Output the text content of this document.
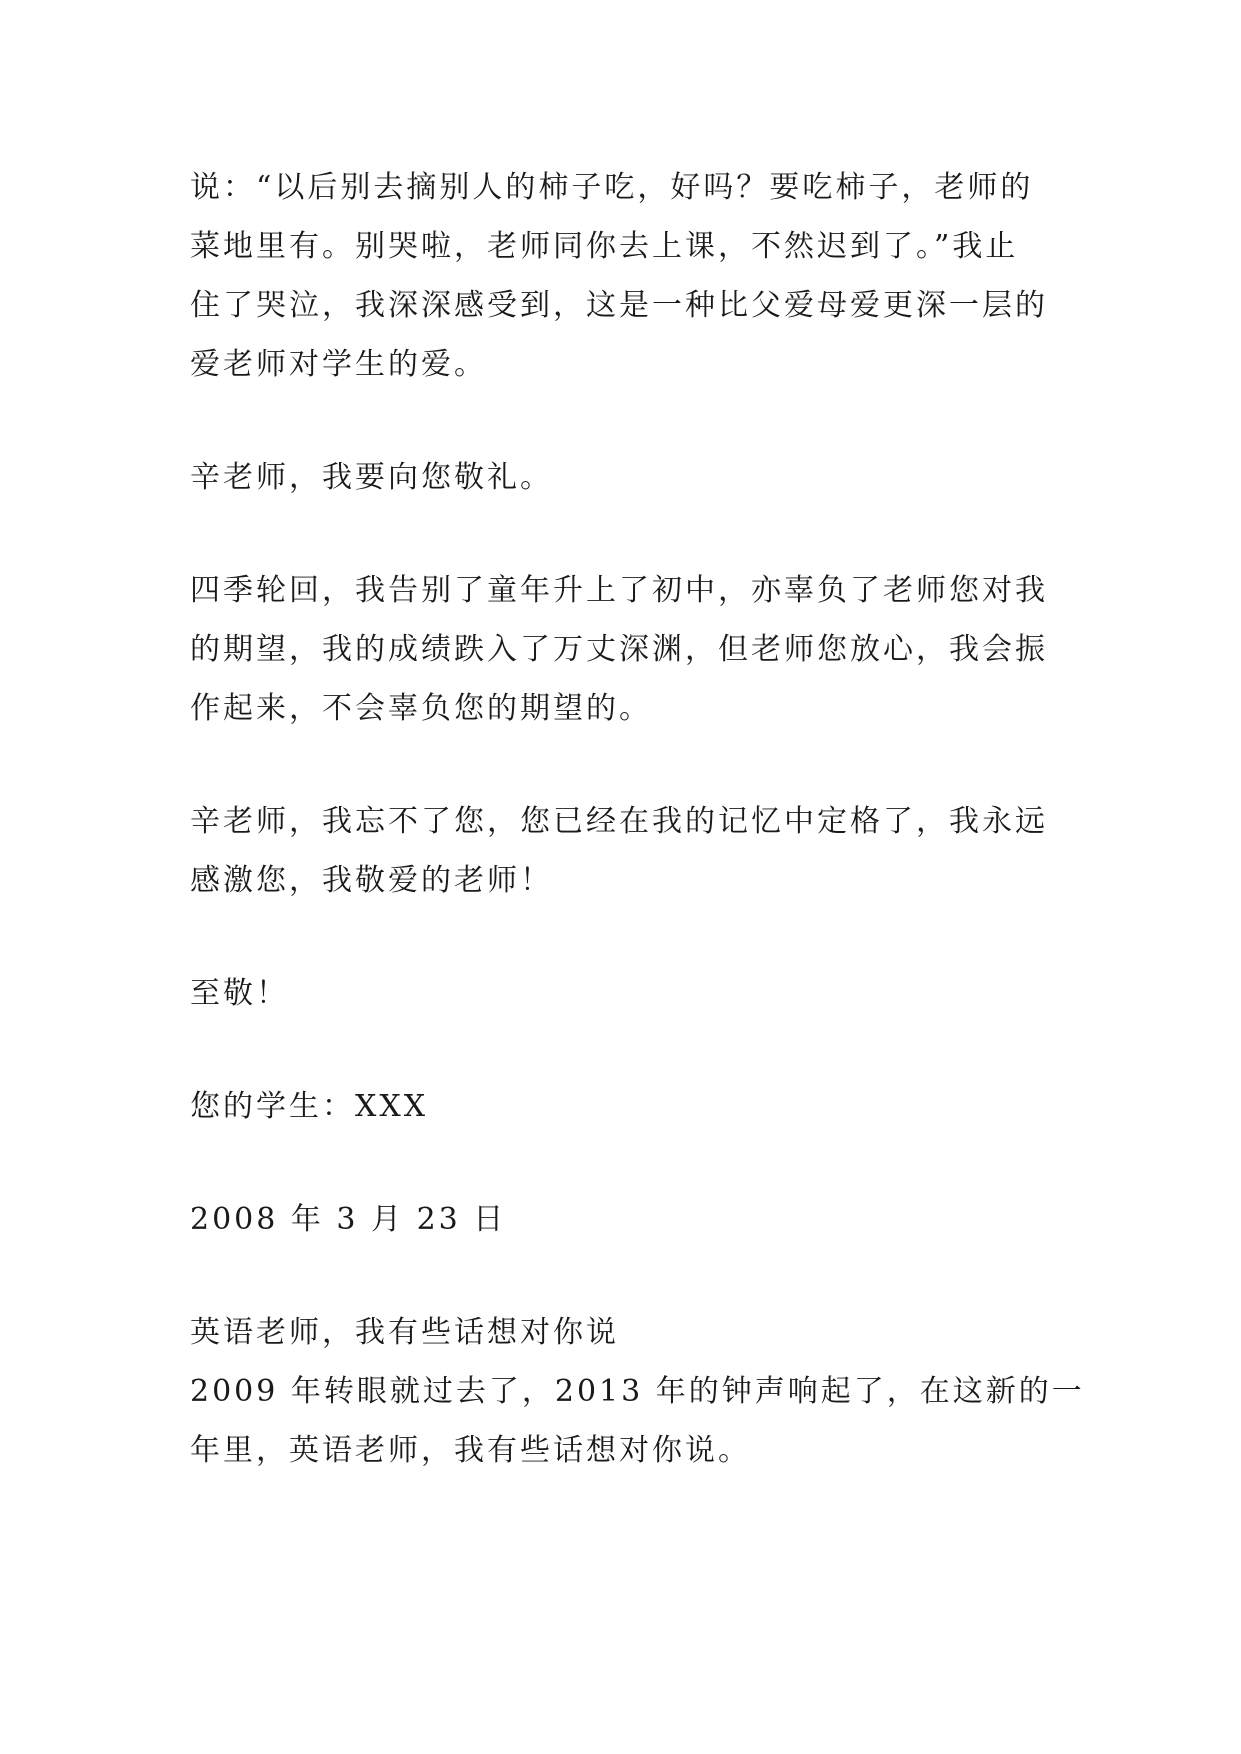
说：“以后别去摘别人的柿子吃，好吗？要吃柿子，老师的
菜地里有。别哭啦，老师同你去上课，不然迟到了。”我止
住了哭泣，我深深感受到，这是一种比父爱母爱更深一层的
爱老师对学生的爱。

辛老师，我要向您敬礼。

四季轮回，我告别了童年升上了初中，亦辜负了老师您对我
的期望，我的成绩跌入了万丈深渊，但老师您放心，我会振
作起来，不会辜负您的期望的。

辛老师，我忘不了您，您已经在我的记忆中定格了，我永远
感激您，我敬爱的老师！

至敬！

您的学生：XXX

2008 年 3 月 23 日

英语老师，我有些话想对你说
2009 年转眼就过去了，2013 年的钟声响起了，在这新的一
年里，英语老师，我有些话想对你说。
